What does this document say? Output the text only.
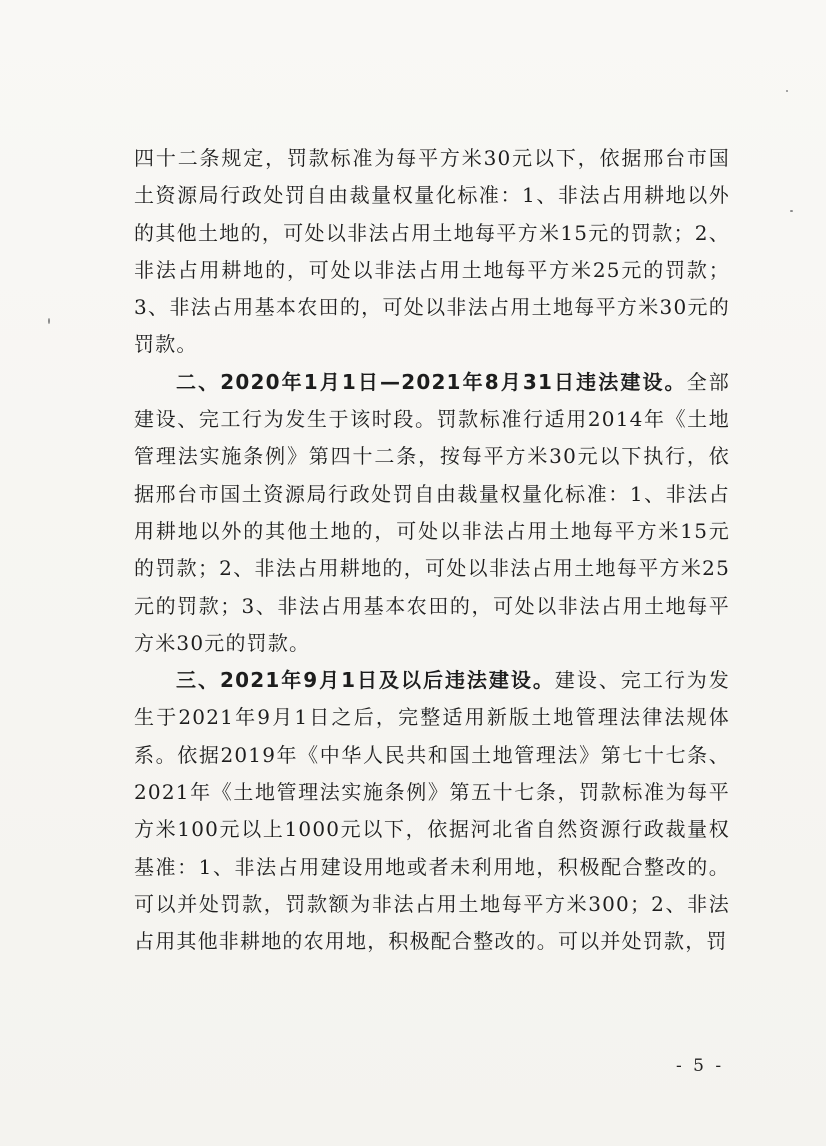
四十二条规定，罚款标准为每平方米30元以下，依据邢台市国土资源局行政处罚自由裁量权量化标准：1、非法占用耕地以外的其他土地的，可处以非法占用土地每平方米15元的罚款；2、非法占用耕地的，可处以非法占用土地每平方米25元的罚款；3、非法占用基本农田的，可处以非法占用土地每平方米30元的罚款。

二、2020年1月1日—2021年8月31日违法建设。全部建设、完工行为发生于该时段。罚款标准行适用2014年《土地管理法实施条例》第四十二条，按每平方米30元以下执行，依据邢台市国土资源局行政处罚自由裁量权量化标准：1、非法占用耕地以外的其他土地的，可处以非法占用土地每平方米15元的罚款；2、非法占用耕地的，可处以非法占用土地每平方米25元的罚款；3、非法占用基本农田的，可处以非法占用土地每平方米30元的罚款。

三、2021年9月1日及以后违法建设。建设、完工行为发生于2021年9月1日之后，完整适用新版土地管理法律法规体系。依据2019年《中华人民共和国土地管理法》第七十七条、2021年《土地管理法实施条例》第五十七条，罚款标准为每平方米100元以上1000元以下，依据河北省自然资源行政裁量权基准：1、非法占用建设用地或者未利用地，积极配合整改的。可以并处罚款，罚款额为非法占用土地每平方米300；2、非法占用其他非耕地的农用地，积极配合整改的。可以并处罚款，罚

- 5 -
